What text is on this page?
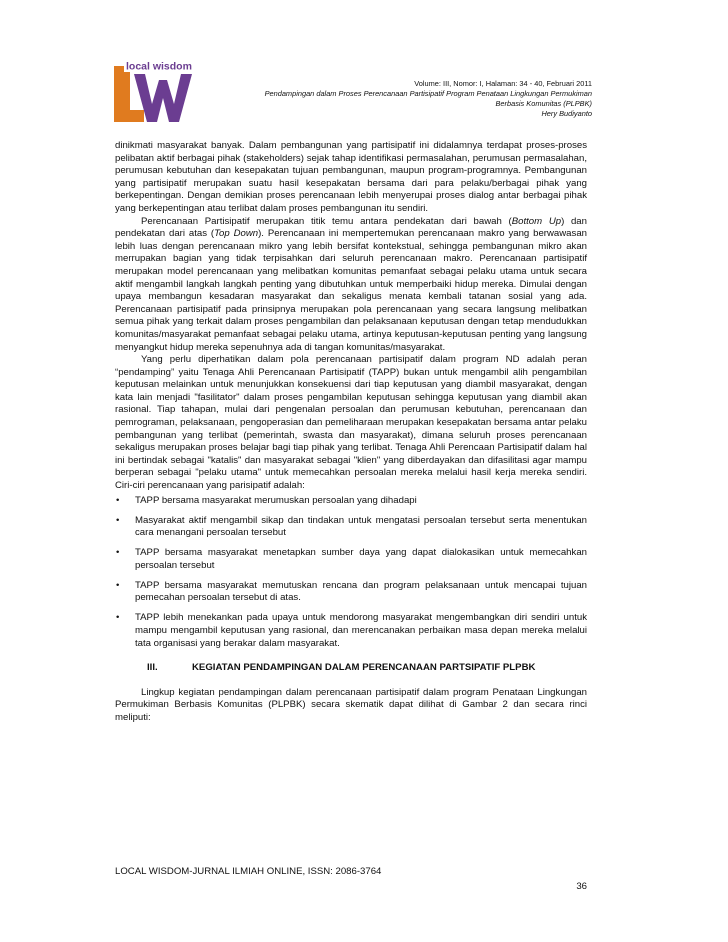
local wisdom
Volume: III, Nomor: I, Halaman: 34 - 40, Februari 2011
Pendampingan dalam Proses Perencanaan Partisipatif Program Penataan Lingkungan Permukiman
Berbasis Komunitas (PLPBK)
Hery Budiyanto

dinikmati masyarakat banyak. Dalam pembangunan yang partisipatif ini didalamnya terdapat proses-proses pelibatan aktif berbagai pihak (stakeholders) sejak tahap identifikasi permasalahan, perumusan permasalahan, perumusan kebutuhan dan kesepakatan tujuan pembangunan, maupun program-programnya. Pembangunan yang partisipatif merupakan suatu hasil kesepakatan bersama dari para pelaku/berbagai pihak yang berkepentingan. Dengan demikian proses perencanaan lebih menyerupai proses dialog antar berbagai pihak yang berkepentingan atau terlibat dalam proses pembangunan itu sendiri.

Perencanaan Partisipatif merupakan titik temu antara pendekatan dari bawah (Bottom Up) dan pendekatan dari atas (Top Down). Perencanaan ini mempertemukan perencanaan makro yang berwawasan lebih luas dengan perencanaan mikro yang lebih bersifat kontekstual, sehingga pembangunan mikro akan merrupakan bagian yang tidak terpisahkan dari seluruh perencanaan makro. Perencanaan partisipatif merupakan model perencanaan yang melibatkan komunitas pemanfaat sebagai pelaku utama untuk secara aktif mengambil langkah langkah penting yang dibutuhkan untuk memperbaiki hidup mereka. Dimulai dengan upaya membangun kesadaran masyarakat dan sekaligus menata kembali tatanan sosial yang ada. Perencanaan partisipatif pada prinsipnya merupakan pola perencanaan yang secara langsung melibatkan semua pihak yang terkait dalam proses pengambilan dan pelaksanaan keputusan dengan tetap mendudukkan komunitas/masyarakat pemanfaat sebagai pelaku utama, artinya keputusan-keputusan penting yang langsung menyangkut hidup mereka sepenuhnya ada di tangan komunitas/masyarakat.

Yang perlu diperhatikan dalam pola perencanaan partisipatif dalam program ND adalah peran “pendamping” yaitu Tenaga Ahli Perencanaan Partisipatif (TAPP) bukan untuk mengambil alih pengambilan keputusan melainkan untuk menunjukkan konsekuensi dari tiap keputusan yang diambil masyarakat, dengan kata lain menjadi "fasilitator" dalam proses pengambilan keputusan sehingga keputusan yang diambil akan rasional. Tiap tahapan, mulai dari pengenalan persoalan dan perumusan kebutuhan, perencanaan dan pemrograman, pelaksanaan, pengoperasian dan pemeliharaan merupakan kesepakatan bersama antar pelaku pembangunan yang terlibat (pemerintah, swasta dan masyarakat), dimana seluruh proses perencanaan sekaligus merupakan proses belajar bagi tiap pihak yang terlibat. Tenaga Ahli Perencaan Partisipatif dalam hal ini bertindak sebagai "katalis" dan masyarakat sebagai "klien" yang diberdayakan dan difasilitasi agar mampu berperan sebagai "pelaku utama" untuk memecahkan persoalan mereka melalui hasil kerja mereka sendiri. Ciri-ciri perencanaan yang parisipatif adalah:

• TAPP bersama masyarakat merumuskan persoalan yang dihadapi
• Masyarakat aktif mengambil sikap dan tindakan untuk mengatasi persoalan tersebut serta menentukan cara menangani persoalan tersebut
• TAPP bersama masyarakat menetapkan sumber daya yang dapat dialokasikan untuk memecahkan persoalan tersebut
• TAPP bersama masyarakat memutuskan rencana dan program pelaksanaan untuk mencapai tujuan pemecahan persoalan tersebut di atas.
• TAPP lebih menekankan pada upaya untuk mendorong masyarakat mengembangkan diri sendiri untuk mampu mengambil keputusan yang rasional, dan merencanakan perbaikan masa depan mereka melalui tata organisasi yang berakar dalam masyarakat.
III.	KEGIATAN PENDAMPINGAN DALAM PERENCANAAN PARTSIPATIF PLPBK

Lingkup kegiatan pendampingan dalam perencanaan partisipatif dalam program Penataan Lingkungan Permukiman Berbasis Komunitas (PLPBK) secara skematik dapat dilihat di Gambar 2 dan secara rinci meliputi:

LOCAL WISDOM-JURNAL ILMIAH ONLINE, ISSN: 2086-3764
36
